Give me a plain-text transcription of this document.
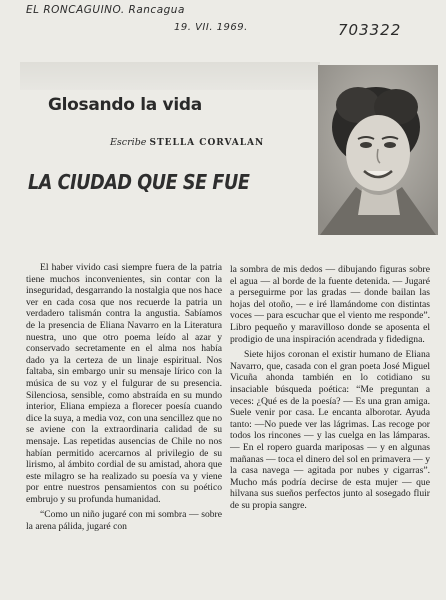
EL RONCAGUINO. Rancagua
19. VII. 1969.	703322
Glosando la vida
Escribe STELLA CORVALAN
LA CIUDAD QUE SE FUE

El haber vivido casi siempre fuera de la patria tiene muchos inconvenientes, sin contar con la inseguridad, desgarrando la nostalgia que nos hace ver en cada cosa que nos recuerde la patria un verdadero talismán contra la angustia. Sabíamos de la presencia de Eliana Navarro en la Literatura nuestra, uno que otro poema leído al azar y conservado secretamente en el alma nos había dado ya la certeza de un linaje espiritual. Nos faltaba, sin embargo unir su mensaje lírico con la música de su voz y el fulgurar de su presencia. Silenciosa, sensible, como abstraída en su mundo interior, Eliana empieza a florecer poesía cuando dice la suya, a media voz, con una sencillez que no se aviene con la extraordinaria calidad de su mensaje. Las repetidas ausencias de Chile no nos habían permitido acercarnos al privilegio de su lirismo, al ámbito cordial de su amistad, ahora que este milagro se ha realizado su poesía va y viene por entre nuestros pensamientos con su poético embrujo y su profunda humanidad.

“Como un niño jugaré con mi sombra — sobre la arena pálida, jugaré con

la sombra de mis dedos — dibujando figuras sobre el agua — al borde de la fuente detenida. — Jugaré a perseguirme por las gradas — donde bailan las hojas del otoño, — e iré llamándome con distintas voces — para escuchar que el viento me responde”. Libro pequeño y maravilloso donde se aposenta el prodigio de una inspiración acendrada y fidedigna.

Siete hijos coronan el existir humano de Eliana Navarro, que, casada con el gran poeta José Miguel Vicuña ahonda también en lo cotidiano su insaciable búsqueda poética: “Me preguntan a veces: ¿Qué es de la poesía? — Es una gran amiga. Suele venir por casa. Le encanta alborotar. Ayuda tanto: —No puede ver las lágrimas. Las recoge por todos los rincones — y las cuelga en las lámparas. — En el ropero guarda mariposas — y en algunas mañanas — toca el dinero del sol en primavera — y la casa navega — agitada por nubes y cigarras”. Mucho más podría decirse de esta mujer — que hilvana sus sueños perfectos junto al sosegado fluir de su propia sangre.
